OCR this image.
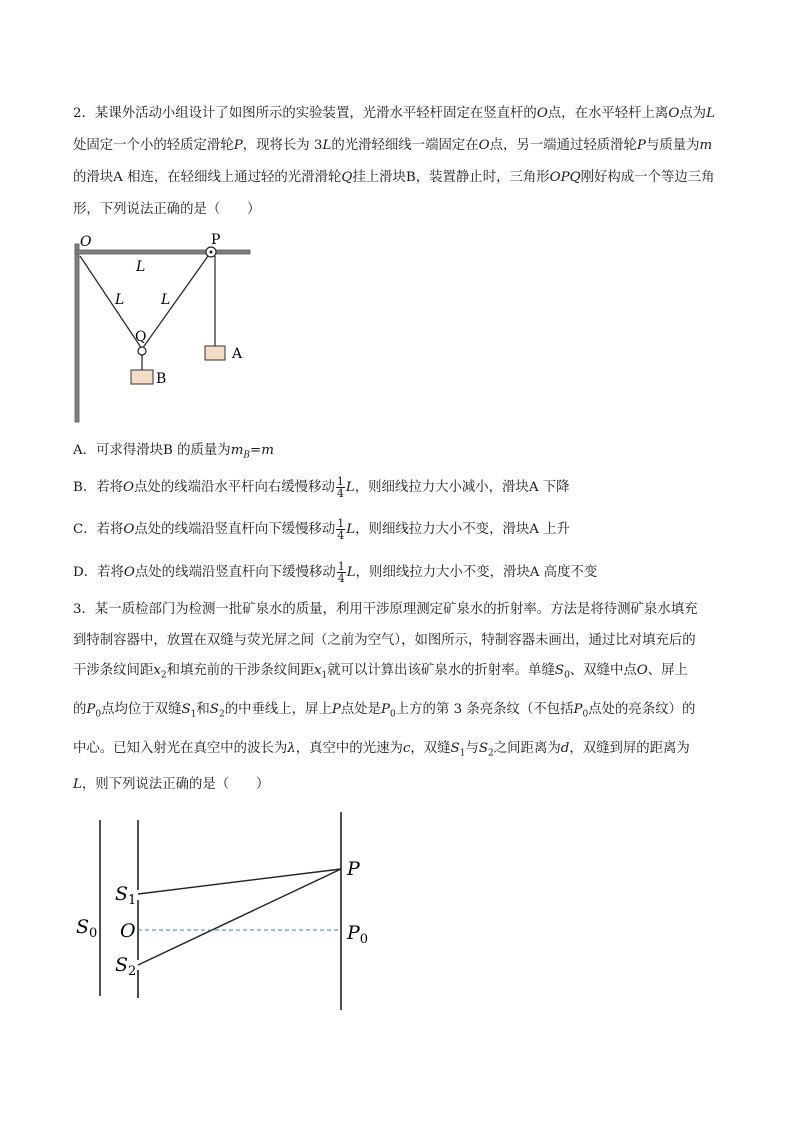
2．某课外活动小组设计了如图所示的实验装置，光滑水平轻杆固定在竖直杆的O点，在水平轻杆上离O点为L处固定一个小的轻质定滑轮P，现将长为 3L的光滑轻细线一端固定在O点，另一端通过轻质滑轮P与质量为m的滑块A 相连，在轻细线上通过轻的光滑滑轮Q挂上滑块B，装置静止时，三角形OPQ刚好构成一个等边三角形，下列说法正确的是（　　）
O	P
L
L	L
Q
A
B
A．可求得滑块B 的质量为$m_B=m$
B．若将O点处的线端沿水平杆向右缓慢移动 $\frac{1}{4}$ L，则细线拉力大小减小，滑块A 下降
C．若将O点处的线端沿竖直杆向下缓慢移动 $\frac{1}{4}$ L，则细线拉力大小不变，滑块A 上升
D．若将O点处的线端沿竖直杆向下缓慢移动 $\frac{1}{4}$ L，则细线拉力大小不变，滑块A 高度不变
3．某一质检部门为检测一批矿泉水的质量，利用干涉原理测定矿泉水的折射率。方法是将待测矿泉水填充
到特制容器中，放置在双缝与荧光屏之间（之前为空气），如图所示，特制容器未画出，通过比对填充后的
干涉条纹间距$x_2$和填充前的干涉条纹间距$x_1$就可以计算出该矿泉水的折射率。单缝$S_0$、双缝中点O、屏上
的$P_0$点均位于双缝$S_1$和$S_2$的中垂线上，屏上P点处是$P_0$上方的第 3 条亮条纹（不包括$P_0$点处的亮条纹）的
中心。已知入射光在真空中的波长为λ，真空中的光速为c，双缝$S_1$与$S_2$之间距离为d，双缝到屏的距离为
L，则下列说法正确的是（　　）
$S_0$
$S_1$
O
$S_2$
P
$P_0$
